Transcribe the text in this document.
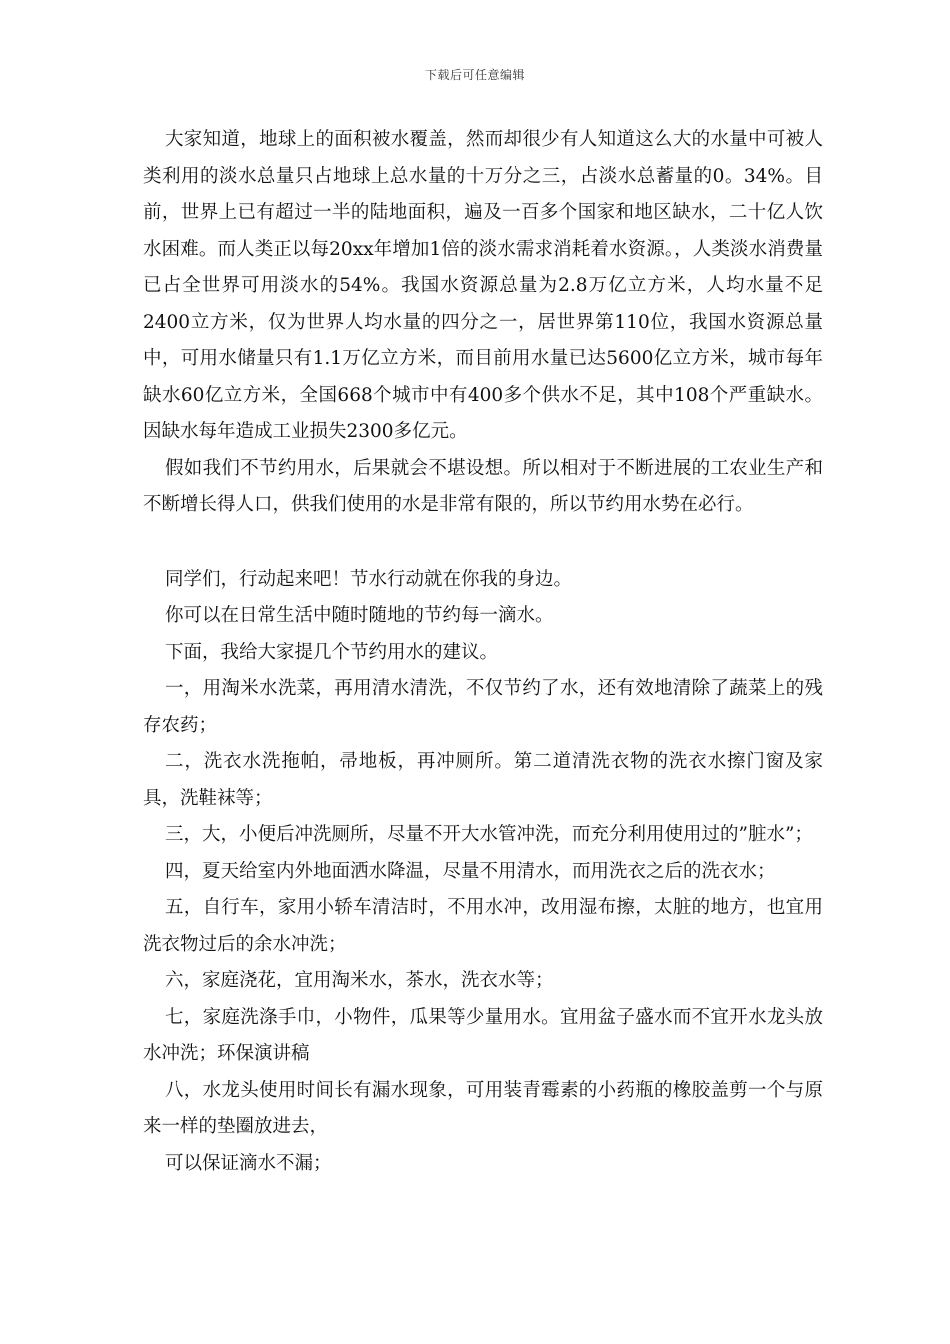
下载后可任意编辑

大家知道，地球上的面积被水覆盖，然而却很少有人知道这么大的水量中可被人类利用的淡水总量只占地球上总水量的十万分之三，占淡水总蓄量的0。34%。目前，世界上已有超过一半的陆地面积，遍及一百多个国家和地区缺水，二十亿人饮水困难。而人类正以每20xx年增加1倍的淡水需求消耗着水资源。，人类淡水消费量已占全世界可用淡水的54%。我国水资源总量为2.8万亿立方米，人均水量不足2400立方米，仅为世界人均水量的四分之一，居世界第110位，我国水资源总量中，可用水储量只有1.1万亿立方米，而目前用水量已达5600亿立方米，城市每年缺水60亿立方米，全国668个城市中有400多个供水不足，其中108个严重缺水。因缺水每年造成工业损失2300多亿元。

假如我们不节约用水，后果就会不堪设想。所以相对于不断进展的工农业生产和不断增长得人口，供我们使用的水是非常有限的，所以节约用水势在必行。

同学们，行动起来吧！节水行动就在你我的身边。

你可以在日常生活中随时随地的节约每一滴水。

下面，我给大家提几个节约用水的建议。

一，用淘米水洗菜，再用清水清洗，不仅节约了水，还有效地清除了蔬菜上的残存农药；

二，洗衣水洗拖帕，帚地板，再冲厕所。第二道清洗衣物的洗衣水擦门窗及家具，洗鞋袜等；

三，大，小便后冲洗厕所，尽量不开大水管冲洗，而充分利用使用过的”脏水”；

四，夏天给室内外地面洒水降温，尽量不用清水，而用洗衣之后的洗衣水；

五，自行车，家用小轿车清洁时，不用水冲，改用湿布擦，太脏的地方，也宜用洗衣物过后的余水冲洗；

六，家庭浇花，宜用淘米水，茶水，洗衣水等；

七，家庭洗涤手巾，小物件，瓜果等少量用水。宜用盆子盛水而不宜开水龙头放水冲洗；环保演讲稿

八，水龙头使用时间长有漏水现象，可用装青霉素的小药瓶的橡胶盖剪一个与原来一样的垫圈放进去，

可以保证滴水不漏；
